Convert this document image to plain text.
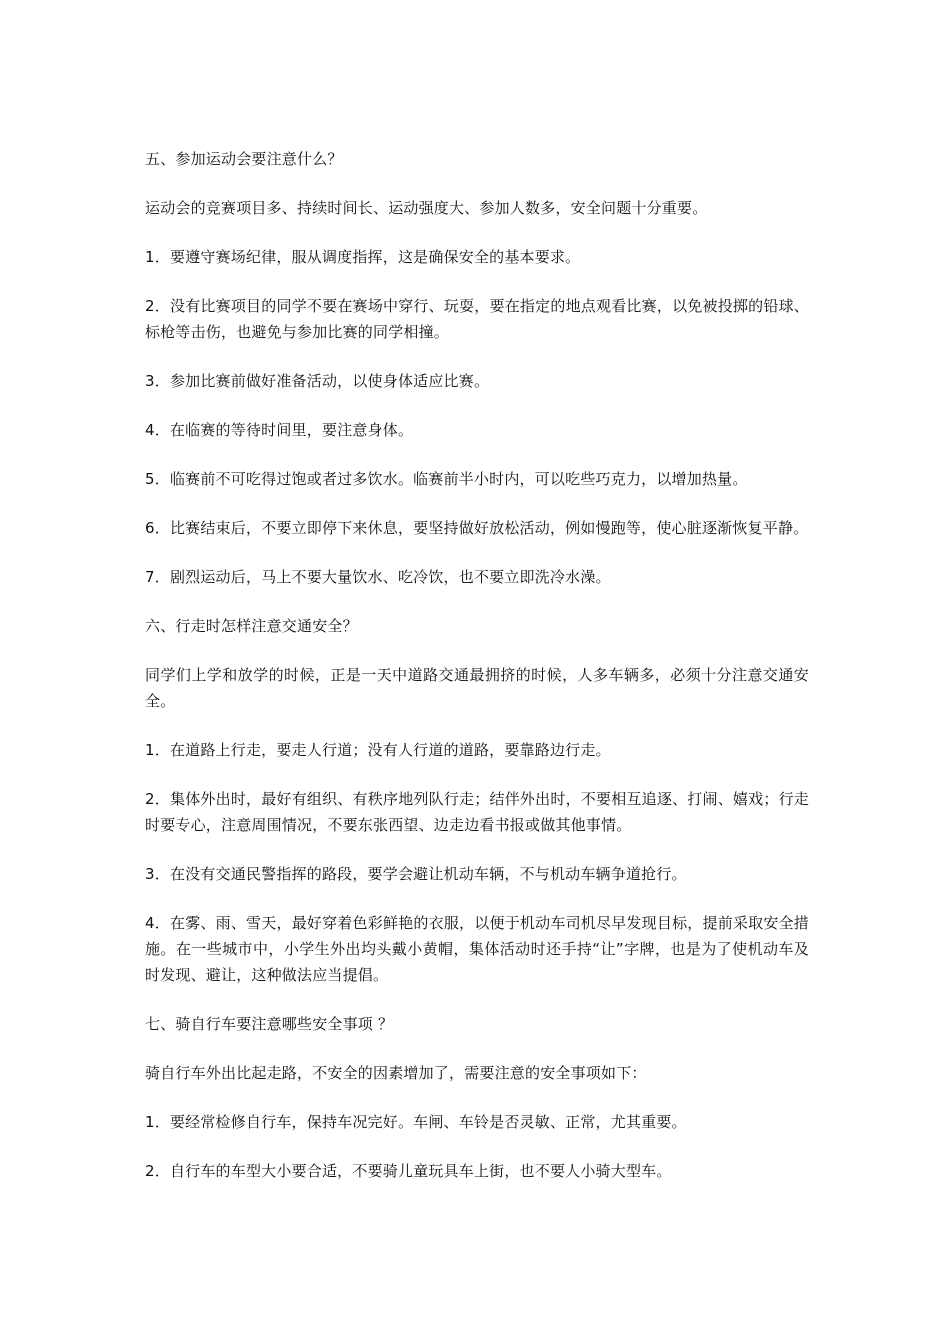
五、参加运动会要注意什么？

运动会的竞赛项目多、持续时间长、运动强度大、参加人数多，安全问题十分重要。

1．要遵守赛场纪律，服从调度指挥，这是确保安全的基本要求。

2．没有比赛项目的同学不要在赛场中穿行、玩耍，要在指定的地点观看比赛，以免被投掷的铅球、标枪等击伤，也避免与参加比赛的同学相撞。

3．参加比赛前做好准备活动，以使身体适应比赛。

4．在临赛的等待时间里，要注意身体。

5．临赛前不可吃得过饱或者过多饮水。临赛前半小时内，可以吃些巧克力，以增加热量。

6．比赛结束后，不要立即停下来休息，要坚持做好放松活动，例如慢跑等，使心脏逐渐恢复平静。

7．剧烈运动后，马上不要大量饮水、吃冷饮，也不要立即洗冷水澡。

六、行走时怎样注意交通安全？

同学们上学和放学的时候，正是一天中道路交通最拥挤的时候，人多车辆多，必须十分注意交通安全。

1．在道路上行走，要走人行道；没有人行道的道路，要靠路边行走。

2．集体外出时，最好有组织、有秩序地列队行走；结伴外出时，不要相互追逐、打闹、嬉戏；行走时要专心，注意周围情况，不要东张西望、边走边看书报或做其他事情。

3．在没有交通民警指挥的路段，要学会避让机动车辆，不与机动车辆争道抢行。

4．在雾、雨、雪天，最好穿着色彩鲜艳的衣服，以便于机动车司机尽早发现目标，提前采取安全措施。在一些城市中，小学生外出均头戴小黄帽，集体活动时还手持“让”字牌，也是为了使机动车及时发现、避让，这种做法应当提倡。

七、骑自行车要注意哪些安全事项 ？

骑自行车外出比起走路，不安全的因素增加了，需要注意的安全事项如下：

1．要经常检修自行车，保持车况完好。车闸、车铃是否灵敏、正常，尤其重要。

2．自行车的车型大小要合适，不要骑儿童玩具车上街，也不要人小骑大型车。
